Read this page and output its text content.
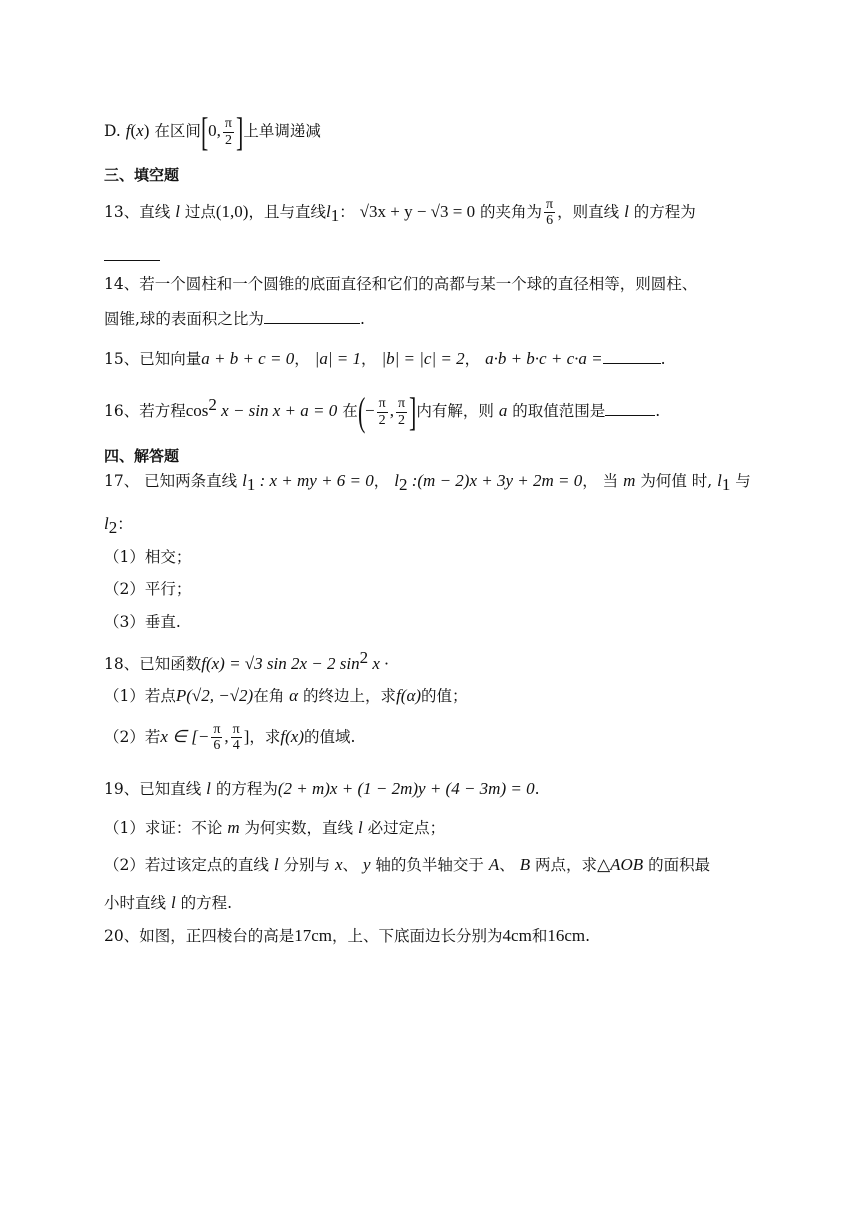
D. f(x) 在区间[0, $\frac{\pi}{2}$ ]上单调递减
三、填空题
13、直线 l 过点(1,0)，且与直线$l_1$： √3x + y − √3 = 0 的夹角为 $\frac{\pi}{6}$ ，则直线 l 的方程为
14、若一个圆柱和一个圆锥的底面直径和它们的高都与某一个球的直径相等，则圆柱、
圆锥,球的表面积之比为	.
15、已知向量a + b + c = 0， |a| = 1， |b| = |c| = 2， a·b + b·c + c·a =	.
16、若方程$\cos^2 x - \sin x + a = 0$ 在(− $\frac{\pi}{2}$ , $\frac{\pi}{2}$ ]内有解，则 a 的取值范围是	.
四、解答题
17、 已知两条直线 $l_1$ : x + my + 6 = 0， $l_2$ :(m − 2)x + 3y + 2m = 0， 当 m 为何值 时, $l_1$ 与
$l_2$：
（1）相交；
（2）平行；
（3）垂直.
18、已知函数f(x) = √3 sin 2x − 2 $\sin^2 x$ ·
（1）若点P(√2, −√2)在角 α 的终边上，求f(α)的值；
（2）若x ∈ [− $\frac{\pi}{6}$ , $\frac{\pi}{4}$ ]，求f(x)的值域.
19、已知直线 l 的方程为(2 + m)x + (1 − 2m)y + (4 − 3m) = 0.
（1）求证：不论 m 为何实数，直线 l 必过定点；
（2）若过该定点的直线 l 分别与 x、 y 轴的负半轴交于 A、 B 两点，求△AOB 的面积最
小时直线 l 的方程.
20、如图，正四棱台的高是17cm，上、下底面边长分别为4cm和16cm.
